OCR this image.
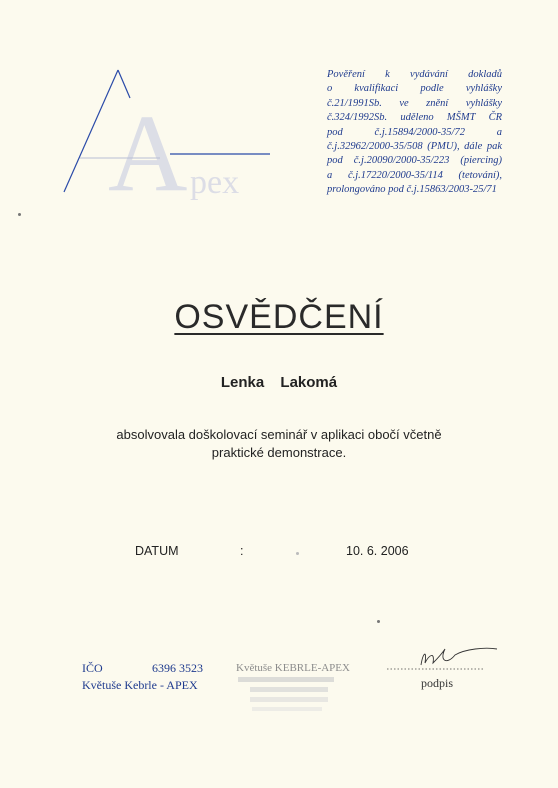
A pex
Pověření k vydávání dokladů
o kvalifikaci podle vyhlášky
č.21/1991Sb. ve znění vyhlášky
č.324/1992Sb. uděleno MŠMT ČR
pod č.j.15894/2000-35/72 a
č.j.32962/2000-35/508 (PMU), dále pak
pod č.j.20090/2000-35/223 (piercing)
a č.j.17220/2000-35/114 (tetování),
prolongováno pod č.j.15863/2003-25/71
OSVĚDČENÍ
Lenka Lakomá
absolvovala doškolovací seminář v aplikaci obočí včetně
praktické demonstrace.
DATUM	:	10. 6. 2006
IČO	6396 3523
Květuše Kebrle - APEX
Květuše KEBRLE-APEX
podpis
